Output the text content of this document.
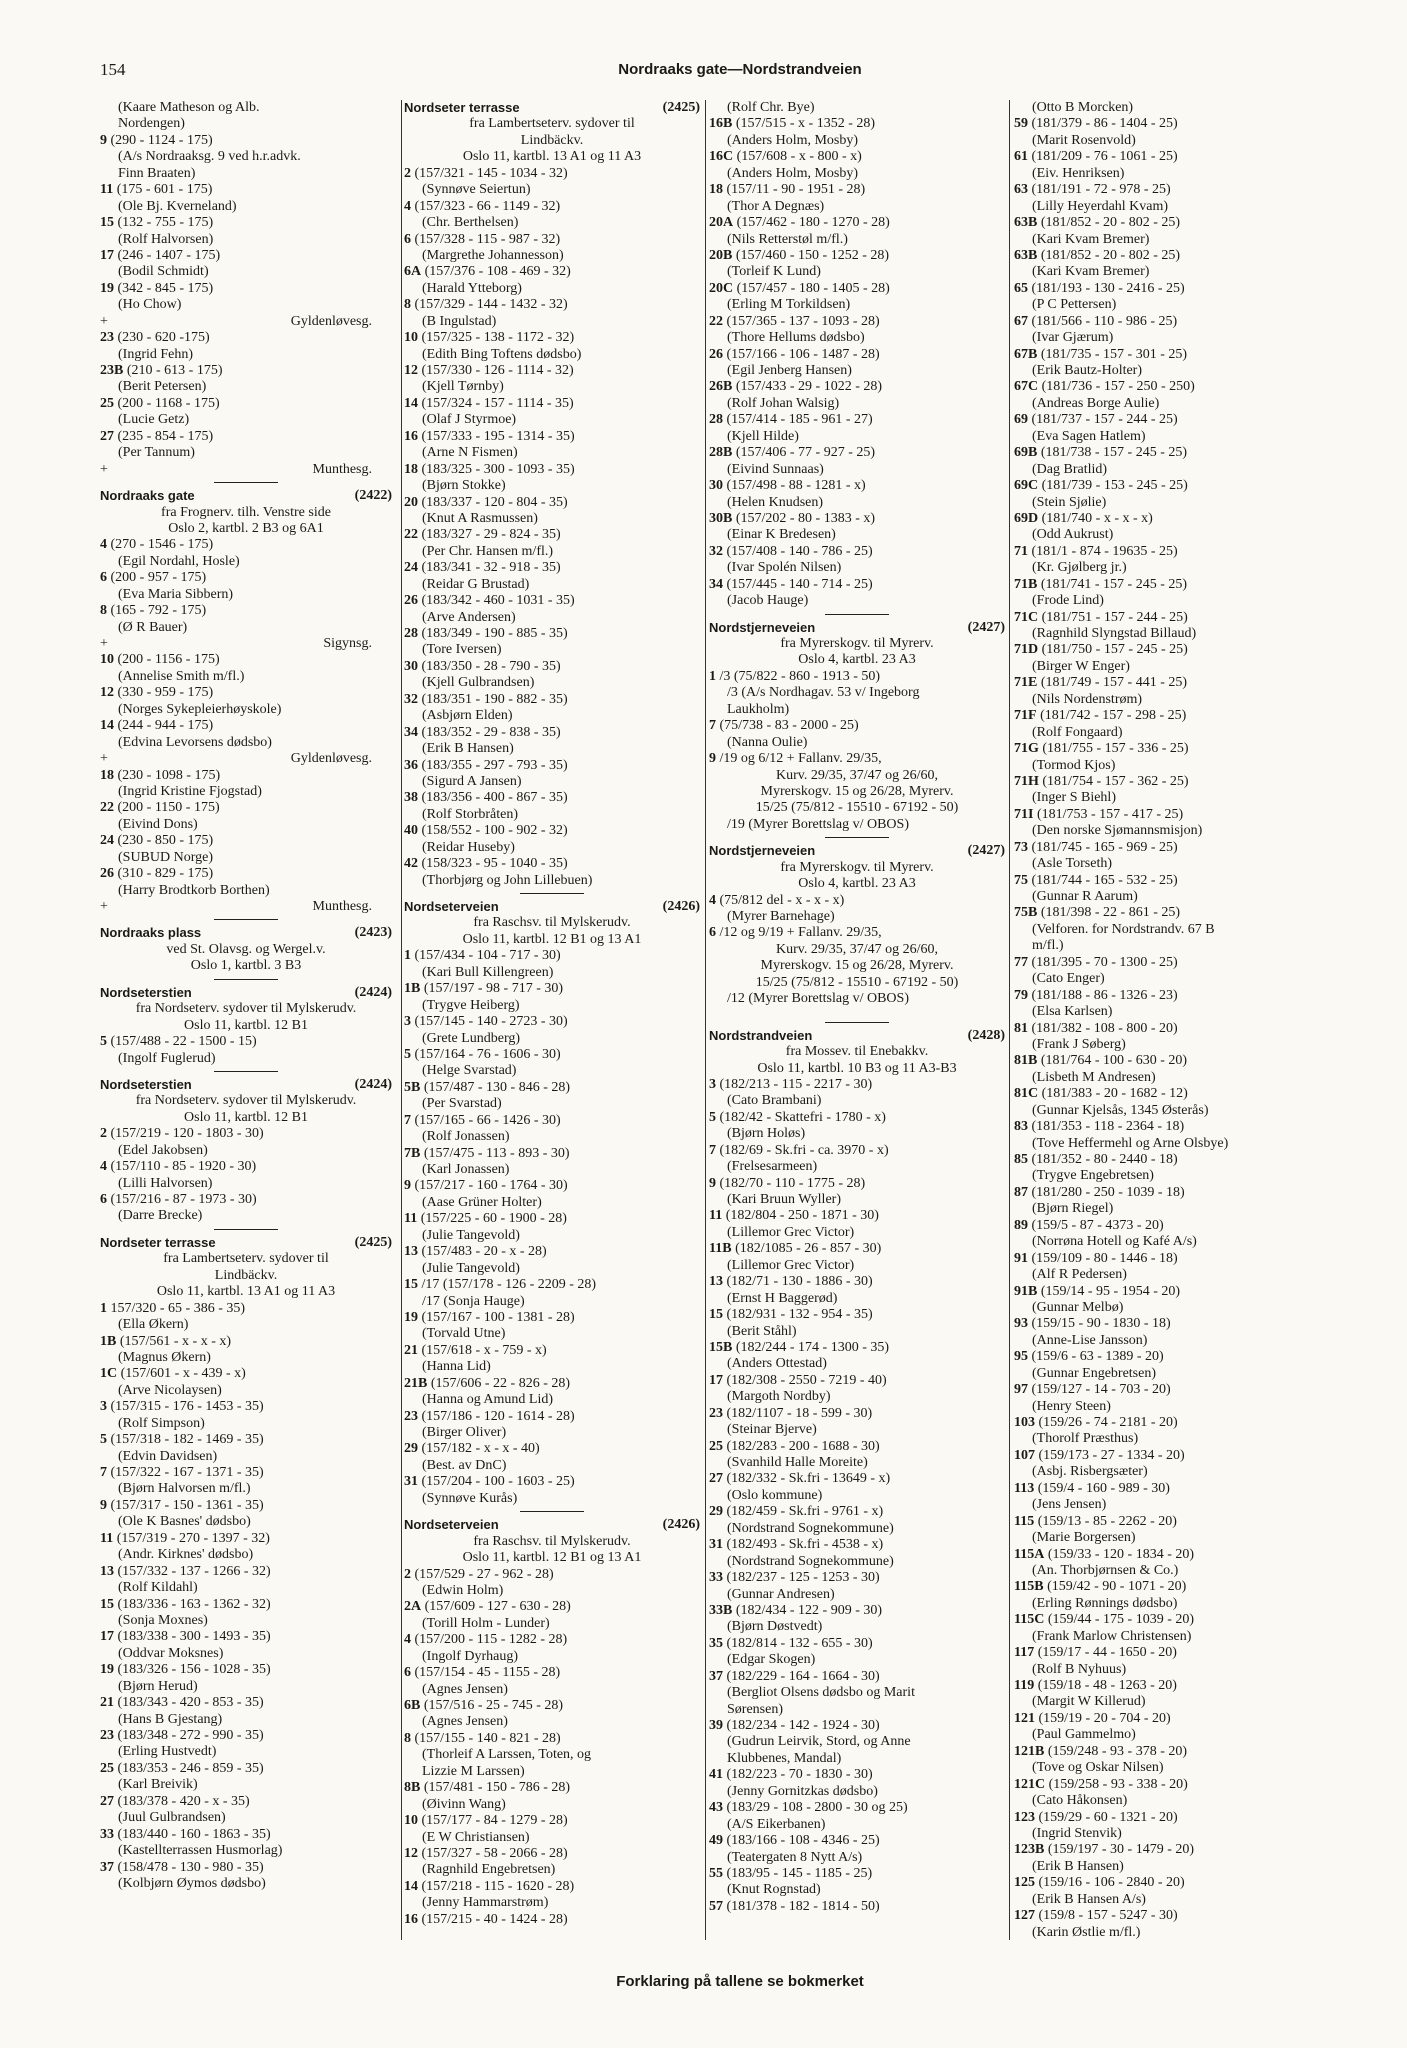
154	Nordraaks gate—Nordstrandveien
(Kaare Matheson og Alb.
Nordengen)
9 (290 - 1124 - 175)
(A/s Nordraaksg. 9 ved h.r.advk.
Finn Braaten)
11 (175 - 601 - 175)
(Ole Bj. Kverneland)
15 (132 - 755 - 175)
(Rolf Halvorsen)
17 (246 - 1407 - 175)
(Bodil Schmidt)
19 (342 - 845 - 175)
(Ho Chow)
+	Gyldenløvesg.
23 (230 - 620 -175)
(Ingrid Fehn)
23B (210 - 613 - 175)
(Berit Petersen)
25 (200 - 1168 - 175)
(Lucie Getz)
27 (235 - 854 - 175)
(Per Tannum)
+	Munthesg.
Nordraaks gate	(2422)
fra Frognerv. tilh. Venstre side
Oslo 2, kartbl. 2 B3 og 6A1
4 (270 - 1546 - 175)
(Egil Nordahl, Hosle)
6 (200 - 957 - 175)
(Eva Maria Sibbern)
8 (165 - 792 - 175)
(Ø R Bauer)
+	Sigynsg.
10 (200 - 1156 - 175)
(Annelise Smith m/fl.)
12 (330 - 959 - 175)
(Norges Sykepleierhøyskole)
14 (244 - 944 - 175)
(Edvina Levorsens dødsbo)
+	Gyldenløvesg.
18 (230 - 1098 - 175)
(Ingrid Kristine Fjogstad)
22 (200 - 1150 - 175)
(Eivind Dons)
24 (230 - 850 - 175)
(SUBUD Norge)
26 (310 - 829 - 175)
(Harry Brodtkorb Borthen)
+	Munthesg.
Nordraaks plass	(2423)
ved St. Olavsg. og Wergel.v.
Oslo 1, kartbl. 3 B3
Nordseterstien	(2424)
fra Nordseterv. sydover til Mylskerudv.
Oslo 11, kartbl. 12 B1
5 (157/488 - 22 - 1500 - 15)
(Ingolf Fuglerud)
Nordseterstien	(2424)
fra Nordseterv. sydover til Mylskerudv.
Oslo 11, kartbl. 12 B1
2 (157/219 - 120 - 1803 - 30)
(Edel Jakobsen)
4 (157/110 - 85 - 1920 - 30)
(Lilli Halvorsen)
6 (157/216 - 87 - 1973 - 30)
(Darre Brecke)
Nordseter terrasse	(2425)
fra Lambertseterv. sydover til
Lindbäckv.
Oslo 11, kartbl. 13 A1 og 11 A3
1 157/320 - 65 - 386 - 35)
(Ella Økern)
1B (157/561 - x - x - x)
(Magnus Økern)
1C (157/601 - x - 439 - x)
(Arve Nicolaysen)
3 (157/315 - 176 - 1453 - 35)
(Rolf Simpson)
5 (157/318 - 182 - 1469 - 35)
(Edvin Davidsen)
7 (157/322 - 167 - 1371 - 35)
(Bjørn Halvorsen m/fl.)
9 (157/317 - 150 - 1361 - 35)
(Ole K Basnes' dødsbo)
11 (157/319 - 270 - 1397 - 32)
(Andr. Kirknes' dødsbo)
13 (157/332 - 137 - 1266 - 32)
(Rolf Kildahl)
15 (183/336 - 163 - 1362 - 32)
(Sonja Moxnes)
17 (183/338 - 300 - 1493 - 35)
(Oddvar Moksnes)
19 (183/326 - 156 - 1028 - 35)
(Bjørn Herud)
21 (183/343 - 420 - 853 - 35)
(Hans B Gjestang)
23 (183/348 - 272 - 990 - 35)
(Erling Hustvedt)
25 (183/353 - 246 - 859 - 35)
(Karl Breivik)
27 (183/378 - 420 - x - 35)
(Juul Gulbrandsen)
33 (183/440 - 160 - 1863 - 35)
(Kastellterrassen Husmorlag)
37 (158/478 - 130 - 980 - 35)
(Kolbjørn Øymos dødsbo)
Nordseter terrasse	(2425)
fra Lambertseterv. sydover til
Lindbäckv.
Oslo 11, kartbl. 13 A1 og 11 A3
2 (157/321 - 145 - 1034 - 32)
(Synnøve Seiertun)
4 (157/323 - 66 - 1149 - 32)
(Chr. Berthelsen)
6 (157/328 - 115 - 987 - 32)
(Margrethe Johannesson)
6A (157/376 - 108 - 469 - 32)
(Harald Ytteborg)
8 (157/329 - 144 - 1432 - 32)
(B Ingulstad)
10 (157/325 - 138 - 1172 - 32)
(Edith Bing Toftens dødsbo)
12 (157/330 - 126 - 1114 - 32)
(Kjell Tørnby)
14 (157/324 - 157 - 1114 - 35)
(Olaf J Styrmoe)
16 (157/333 - 195 - 1314 - 35)
(Arne N Fismen)
18 (183/325 - 300 - 1093 - 35)
(Bjørn Stokke)
20 (183/337 - 120 - 804 - 35)
(Knut A Rasmussen)
22 (183/327 - 29 - 824 - 35)
(Per Chr. Hansen m/fl.)
24 (183/341 - 32 - 918 - 35)
(Reidar G Brustad)
26 (183/342 - 460 - 1031 - 35)
(Arve Andersen)
28 (183/349 - 190 - 885 - 35)
(Tore Iversen)
30 (183/350 - 28 - 790 - 35)
(Kjell Gulbrandsen)
32 (183/351 - 190 - 882 - 35)
(Asbjørn Elden)
34 (183/352 - 29 - 838 - 35)
(Erik B Hansen)
36 (183/355 - 297 - 793 - 35)
(Sigurd A Jansen)
38 (183/356 - 400 - 867 - 35)
(Rolf Storbråten)
40 (158/552 - 100 - 902 - 32)
(Reidar Huseby)
42 (158/323 - 95 - 1040 - 35)
(Thorbjørg og John Lillebuen)
Nordseterveien	(2426)
fra Raschsv. til Mylskerudv.
Oslo 11, kartbl. 12 B1 og 13 A1
1 (157/434 - 104 - 717 - 30)
(Kari Bull Killengreen)
1B (157/197 - 98 - 717 - 30)
(Trygve Heiberg)
3 (157/145 - 140 - 2723 - 30)
(Grete Lundberg)
5 (157/164 - 76 - 1606 - 30)
(Helge Svarstad)
5B (157/487 - 130 - 846 - 28)
(Per Svarstad)
7 (157/165 - 66 - 1426 - 30)
(Rolf Jonassen)
7B (157/475 - 113 - 893 - 30)
(Karl Jonassen)
9 (157/217 - 160 - 1764 - 30)
(Aase Grüner Holter)
11 (157/225 - 60 - 1900 - 28)
(Julie Tangevold)
13 (157/483 - 20 - x - 28)
(Julie Tangevold)
15 /17 (157/178 - 126 - 2209 - 28)
/17 (Sonja Hauge)
19 (157/167 - 100 - 1381 - 28)
(Torvald Utne)
21 (157/618 - x - 759 - x)
(Hanna Lid)
21B (157/606 - 22 - 826 - 28)
(Hanna og Amund Lid)
23 (157/186 - 120 - 1614 - 28)
(Birger Oliver)
29 (157/182 - x - x - 40)
(Best. av DnC)
31 (157/204 - 100 - 1603 - 25)
(Synnøve Kurås)
Nordseterveien	(2426)
fra Raschsv. til Mylskerudv.
Oslo 11, kartbl. 12 B1 og 13 A1
2 (157/529 - 27 - 962 - 28)
(Edwin Holm)
2A (157/609 - 127 - 630 - 28)
(Torill Holm - Lunder)
4 (157/200 - 115 - 1282 - 28)
(Ingolf Dyrhaug)
6 (157/154 - 45 - 1155 - 28)
(Agnes Jensen)
6B (157/516 - 25 - 745 - 28)
(Agnes Jensen)
8 (157/155 - 140 - 821 - 28)
(Thorleif A Larssen, Toten, og
Lizzie M Larssen)
8B (157/481 - 150 - 786 - 28)
(Øivinn Wang)
10 (157/177 - 84 - 1279 - 28)
(E W Christiansen)
12 (157/327 - 58 - 2066 - 28)
(Ragnhild Engebretsen)
14 (157/218 - 115 - 1620 - 28)
(Jenny Hammarstrøm)
16 (157/215 - 40 - 1424 - 28)
(Rolf Chr. Bye)
16B (157/515 - x - 1352 - 28)
(Anders Holm, Mosby)
16C (157/608 - x - 800 - x)
(Anders Holm, Mosby)
18 (157/11 - 90 - 1951 - 28)
(Thor A Degnæs)
20A (157/462 - 180 - 1270 - 28)
(Nils Retterstøl m/fl.)
20B (157/460 - 150 - 1252 - 28)
(Torleif K Lund)
20C (157/457 - 180 - 1405 - 28)
(Erling M Torkildsen)
22 (157/365 - 137 - 1093 - 28)
(Thore Hellums dødsbo)
26 (157/166 - 106 - 1487 - 28)
(Egil Jenberg Hansen)
26B (157/433 - 29 - 1022 - 28)
(Rolf Johan Walsig)
28 (157/414 - 185 - 961 - 27)
(Kjell Hilde)
28B (157/406 - 77 - 927 - 25)
(Eivind Sunnaas)
30 (157/498 - 88 - 1281 - x)
(Helen Knudsen)
30B (157/202 - 80 - 1383 - x)
(Einar K Bredesen)
32 (157/408 - 140 - 786 - 25)
(Ivar Spolén Nilsen)
34 (157/445 - 140 - 714 - 25)
(Jacob Hauge)
Nordstjerneveien	(2427)
fra Myrerskogv. til Myrerv.
Oslo 4, kartbl. 23 A3
1 /3 (75/822 - 860 - 1913 - 50)
/3 (A/s Nordhagav. 53 v/ Ingeborg
Laukholm)
7 (75/738 - 83 - 2000 - 25)
(Nanna Oulie)
9 /19 og 6/12 + Fallanv. 29/35,
Kurv. 29/35, 37/47 og 26/60,
Myrerskogv. 15 og 26/28, Myrerv.
15/25 (75/812 - 15510 - 67192 - 50)
/19 (Myrer Borettslag v/ OBOS)
Nordstjerneveien	(2427)
fra Myrerskogv. til Myrerv.
Oslo 4, kartbl. 23 A3
4 (75/812 del - x - x - x)
(Myrer Barnehage)
6 /12 og 9/19 + Fallanv. 29/35,
Kurv. 29/35, 37/47 og 26/60,
Myrerskogv. 15 og 26/28, Myrerv.
15/25 (75/812 - 15510 - 67192 - 50)
/12 (Myrer Borettslag v/ OBOS)
Nordstrandveien	(2428)
fra Mossev. til Enebakkv.
Oslo 11, kartbl. 10 B3 og 11 A3-B3
3 (182/213 - 115 - 2217 - 30)
(Cato Brambani)
5 (182/42 - Skattefri - 1780 - x)
(Bjørn Holøs)
7 (182/69 - Sk.fri - ca. 3970 - x)
(Frelsesarmeen)
9 (182/70 - 110 - 1775 - 28)
(Kari Bruun Wyller)
11 (182/804 - 250 - 1871 - 30)
(Lillemor Grec Victor)
11B (182/1085 - 26 - 857 - 30)
(Lillemor Grec Victor)
13 (182/71 - 130 - 1886 - 30)
(Ernst H Baggerød)
15 (182/931 - 132 - 954 - 35)
(Berit Ståhl)
15B (182/244 - 174 - 1300 - 35)
(Anders Ottestad)
17 (182/308 - 2550 - 7219 - 40)
(Margoth Nordby)
23 (182/1107 - 18 - 599 - 30)
(Steinar Bjerve)
25 (182/283 - 200 - 1688 - 30)
(Svanhild Halle Moreite)
27 (182/332 - Sk.fri - 13649 - x)
(Oslo kommune)
29 (182/459 - Sk.fri - 9761 - x)
(Nordstrand Sognekommune)
31 (182/493 - Sk.fri - 4538 - x)
(Nordstrand Sognekommune)
33 (182/237 - 125 - 1253 - 30)
(Gunnar Andresen)
33B (182/434 - 122 - 909 - 30)
(Bjørn Døstvedt)
35 (182/814 - 132 - 655 - 30)
(Edgar Skogen)
37 (182/229 - 164 - 1664 - 30)
(Bergliot Olsens dødsbo og Marit
Sørensen)
39 (182/234 - 142 - 1924 - 30)
(Gudrun Leirvik, Stord, og Anne
Klubbenes, Mandal)
41 (182/223 - 70 - 1830 - 30)
(Jenny Gornitzkas dødsbo)
43 (183/29 - 108 - 2800 - 30 og 25)
(A/S Eikerbanen)
49 (183/166 - 108 - 4346 - 25)
(Teatergaten 8 Nytt A/s)
55 (183/95 - 145 - 1185 - 25)
(Knut Rognstad)
57 (181/378 - 182 - 1814 - 50)
(Otto B Morcken)
59 (181/379 - 86 - 1404 - 25)
(Marit Rosenvold)
61 (181/209 - 76 - 1061 - 25)
(Eiv. Henriksen)
63 (181/191 - 72 - 978 - 25)
(Lilly Heyerdahl Kvam)
63B (181/852 - 20 - 802 - 25)
(Kari Kvam Bremer)
63B (181/852 - 20 - 802 - 25)
(Kari Kvam Bremer)
65 (181/193 - 130 - 2416 - 25)
(P C Pettersen)
67 (181/566 - 110 - 986 - 25)
(Ivar Gjærum)
67B (181/735 - 157 - 301 - 25)
(Erik Bautz-Holter)
67C (181/736 - 157 - 250 - 250)
(Andreas Borge Aulie)
69 (181/737 - 157 - 244 - 25)
(Eva Sagen Hatlem)
69B (181/738 - 157 - 245 - 25)
(Dag Bratlid)
69C (181/739 - 153 - 245 - 25)
(Stein Sjølie)
69D (181/740 - x - x - x)
(Odd Aukrust)
71 (181/1 - 874 - 19635 - 25)
(Kr. Gjølberg jr.)
71B (181/741 - 157 - 245 - 25)
(Frode Lind)
71C (181/751 - 157 - 244 - 25)
(Ragnhild Slyngstad Billaud)
71D (181/750 - 157 - 245 - 25)
(Birger W Enger)
71E (181/749 - 157 - 441 - 25)
(Nils Nordenstrøm)
71F (181/742 - 157 - 298 - 25)
(Rolf Fongaard)
71G (181/755 - 157 - 336 - 25)
(Tormod Kjos)
71H (181/754 - 157 - 362 - 25)
(Inger S Biehl)
71I (181/753 - 157 - 417 - 25)
(Den norske Sjømannsmisjon)
73 (181/745 - 165 - 969 - 25)
(Asle Torseth)
75 (181/744 - 165 - 532 - 25)
(Gunnar R Aarum)
75B (181/398 - 22 - 861 - 25)
(Velforen. for Nordstrandv. 67 B
m/fl.)
77 (181/395 - 70 - 1300 - 25)
(Cato Enger)
79 (181/188 - 86 - 1326 - 23)
(Elsa Karlsen)
81 (181/382 - 108 - 800 - 20)
(Frank J Søberg)
81B (181/764 - 100 - 630 - 20)
(Lisbeth M Andresen)
81C (181/383 - 20 - 1682 - 12)
(Gunnar Kjelsås, 1345 Østerås)
83 (181/353 - 118 - 2364 - 18)
(Tove Heffermehl og Arne Olsbye)
85 (181/352 - 80 - 2440 - 18)
(Trygve Engebretsen)
87 (181/280 - 250 - 1039 - 18)
(Bjørn Riegel)
89 (159/5 - 87 - 4373 - 20)
(Norrøna Hotell og Kafé A/s)
91 (159/109 - 80 - 1446 - 18)
(Alf R Pedersen)
91B (159/14 - 95 - 1954 - 20)
(Gunnar Melbø)
93 (159/15 - 90 - 1830 - 18)
(Anne-Lise Jansson)
95 (159/6 - 63 - 1389 - 20)
(Gunnar Engebretsen)
97 (159/127 - 14 - 703 - 20)
(Henry Steen)
103 (159/26 - 74 - 2181 - 20)
(Thorolf Præsthus)
107 (159/173 - 27 - 1334 - 20)
(Asbj. Risbergsæter)
113 (159/4 - 160 - 989 - 30)
(Jens Jensen)
115 (159/13 - 85 - 2262 - 20)
(Marie Borgersen)
115A (159/33 - 120 - 1834 - 20)
(An. Thorbjørnsen & Co.)
115B (159/42 - 90 - 1071 - 20)
(Erling Rønnings dødsbo)
115C (159/44 - 175 - 1039 - 20)
(Frank Marlow Christensen)
117 (159/17 - 44 - 1650 - 20)
(Rolf B Nyhuus)
119 (159/18 - 48 - 1263 - 20)
(Margit W Killerud)
121 (159/19 - 20 - 704 - 20)
(Paul Gammelmo)
121B (159/248 - 93 - 378 - 20)
(Tove og Oskar Nilsen)
121C (159/258 - 93 - 338 - 20)
(Cato Håkonsen)
123 (159/29 - 60 - 1321 - 20)
(Ingrid Stenvik)
123B (159/197 - 30 - 1479 - 20)
(Erik B Hansen)
125 (159/16 - 106 - 2840 - 20)
(Erik B Hansen A/s)
127 (159/8 - 157 - 5247 - 30)
(Karin Østlie m/fl.)
Forklaring på tallene se bokmerket
